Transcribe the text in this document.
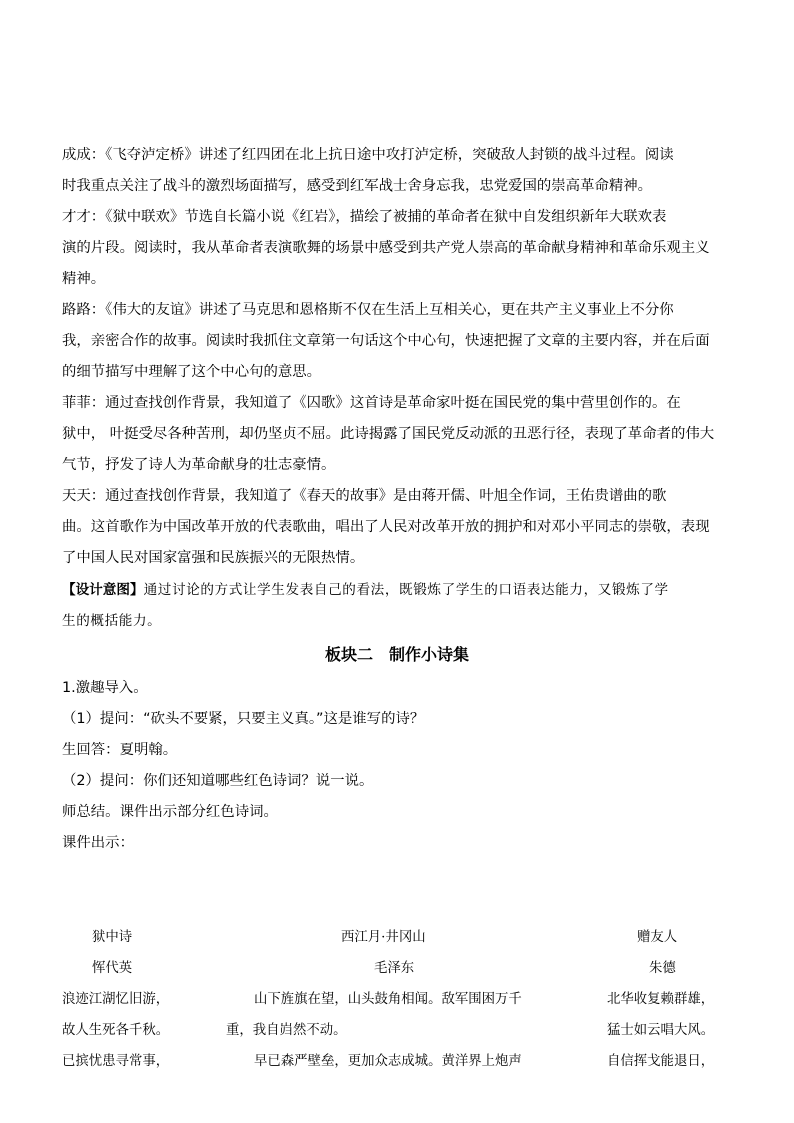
成成：《飞夺泸定桥》讲述了红四团在北上抗日途中攻打泸定桥，突破敌人封锁的战斗过程。阅读
时我重点关注了战斗的激烈场面描写，感受到红军战士舍身忘我，忠党爱国的崇高革命精神。
才才：《狱中联欢》节选自长篇小说《红岩》，描绘了被捕的革命者在狱中自发组织新年大联欢表
演的片段。阅读时，我从革命者表演歌舞的场景中感受到共产党人崇高的革命献身精神和革命乐观主义
精神。
路路：《伟大的友谊》讲述了马克思和恩格斯不仅在生活上互相关心，更在共产主义事业上不分你
我，亲密合作的故事。阅读时我抓住文章第一句话这个中心句，快速把握了文章的主要内容，并在后面
的细节描写中理解了这个中心句的意思。
菲菲：通过查找创作背景，我知道了《囚歌》这首诗是革命家叶挺在国民党的集中营里创作的。在
狱中， 叶挺受尽各种苦刑，却仍坚贞不屈。此诗揭露了国民党反动派的丑恶行径，表现了革命者的伟大
气节，抒发了诗人为革命献身的壮志豪情。
天天：通过查找创作背景，我知道了《春天的故事》是由蒋开儒、叶旭全作词，王佑贵谱曲的歌
曲。这首歌作为中国改革开放的代表歌曲，唱出了人民对改革开放的拥护和对邓小平同志的崇敬，表现
了中国人民对国家富强和民族振兴的无限热情。
【设计意图】通过讨论的方式让学生发表自己的看法，既锻炼了学生的口语表达能力，又锻炼了学
生的概括能力。
板块二　制作小诗集
1.激趣导入。
（1）提问：“砍头不要紧，只要主义真。”这是谁写的诗？
生回答：夏明翰。
（2）提问：你们还知道哪些红色诗词？说一说。
师总结。课件出示部分红色诗词。
课件出示：
狱中诗
恽代英
浪迹江湖忆旧游，
故人生死各千秋。
已摈忧患寻常事，
西江月·井冈山
毛泽东
山下旌旗在望，山头鼓角相闻。敌军围困万千
重，我自岿然不动。
早已森严壁垒，更加众志成城。黄洋界上炮声
赠友人
朱德
北华收复赖群雄，
猛士如云唱大风。
自信挥戈能退日，
